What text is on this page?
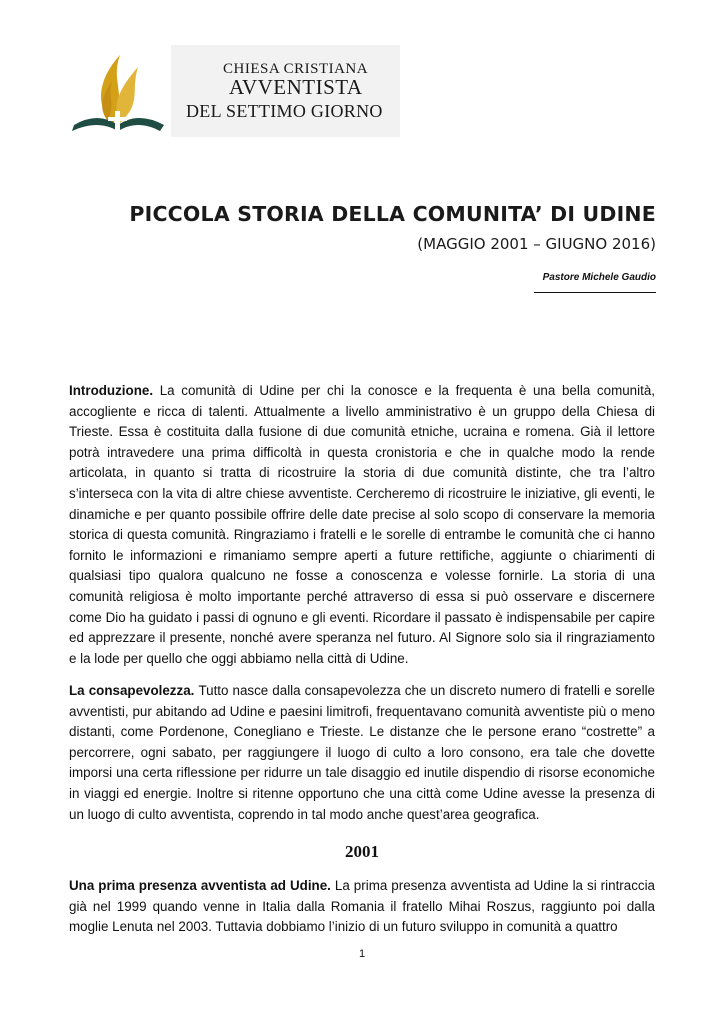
CHIESA CRISTIANA
AVVENTISTA
DEL SETTIMO GIORNO
PICCOLA STORIA DELLA COMUNITA’ DI UDINE
(MAGGIO 2001 – GIUGNO 2016)
Pastore Michele Gaudio
Introduzione. La comunità di Udine per chi la conosce e la frequenta è una bella comunità, accogliente e ricca di talenti. Attualmente a livello amministrativo è un gruppo della Chiesa di Trieste. Essa è costituita dalla fusione di due comunità etniche, ucraina e romena. Già il lettore potrà intravedere una prima difficoltà in questa cronistoria e che in qualche modo la rende articolata, in quanto si tratta di ricostruire la storia di due comunità distinte, che tra l’altro s’interseca con la vita di altre chiese avventiste. Cercheremo di ricostruire le iniziative, gli eventi, le dinamiche e per quanto possibile offrire delle date precise al solo scopo di conservare la memoria storica di questa comunità. Ringraziamo i fratelli e le sorelle di entrambe le comunità che ci hanno fornito le informazioni e rimaniamo sempre aperti a future rettifiche, aggiunte o chiarimenti di qualsiasi tipo qualora qualcuno ne fosse a conoscenza e volesse fornirle. La storia di una comunità religiosa è molto importante perché attraverso di essa si può osservare e discernere come Dio ha guidato i passi di ognuno e gli eventi. Ricordare il passato è indispensabile per capire ed apprezzare il presente, nonché avere speranza nel futuro. Al Signore solo sia il ringraziamento e la lode per quello che oggi abbiamo nella città di Udine.
La consapevolezza. Tutto nasce dalla consapevolezza che un discreto numero di fratelli e sorelle avventisti, pur abitando ad Udine e paesini limitrofi, frequentavano comunità avventiste più o meno distanti, come Pordenone, Conegliano e Trieste. Le distanze che le persone erano “costrette” a percorrere, ogni sabato, per raggiungere il luogo di culto a loro consono, era tale che dovette imporsi una certa riflessione per ridurre un tale disaggio ed inutile dispendio di risorse economiche in viaggi ed energie. Inoltre si ritenne opportuno che una città come Udine avesse la presenza di un luogo di culto avventista, coprendo in tal modo anche quest’area geografica.
2001
Una prima presenza avventista ad Udine. La prima presenza avventista ad Udine la si rintraccia già nel 1999 quando venne in Italia dalla Romania il fratello Mihai Roszus, raggiunto poi dalla moglie Lenuta nel 2003. Tuttavia dobbiamo l’inizio di un futuro sviluppo in comunità a quattro
1
